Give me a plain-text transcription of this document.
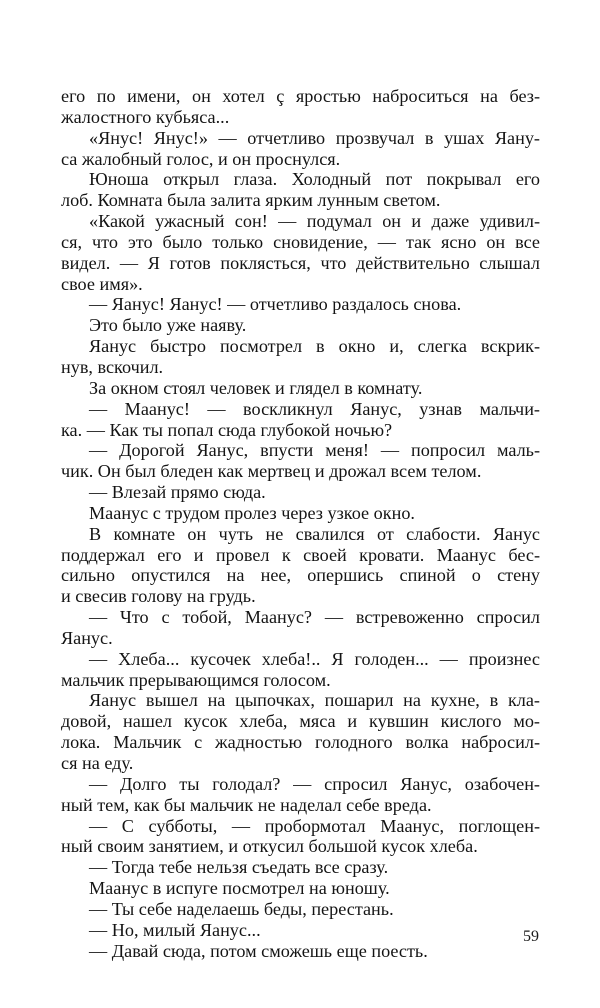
его по имени, он хотел ç яростью наброситься на без-
жалостного кубьяса...
«Янус! Янус!» — отчетливо прозвучал в ушах Яану-
са жалобный голос, и он проснулся.
Юноша открыл глаза. Холодный пот покрывал его
лоб. Комната была залита ярким лунным светом.
«Какой ужасный сон! — подумал он и даже удивил-
ся, что это было только сновидение, — так ясно он все
видел. — Я готов поклясться, что действительно слышал
свое имя».
— Яанус! Яанус! — отчетливо раздалось снова.
Это было уже наяву.
Яанус быстро посмотрел в окно и, слегка вскрик-
нув, вскочил.
За окном стоял человек и глядел в комнату.
— Маанус! — воскликнул Яанус, узнав мальчи-
ка. — Как ты попал сюда глубокой ночью?
— Дорогой Яанус, впусти меня! — попросил маль-
чик. Он был бледен как мертвец и дрожал всем телом.
— Влезай прямо сюда.
Маанус с трудом пролез через узкое окно.
В комнате он чуть не свалился от слабости. Яанус
поддержал его и провел к своей кровати. Маанус бес-
сильно опустился на нее, опершись спиной о стену
и свесив голову на грудь.
— Что с тобой, Маанус? — встревоженно спросил
Яанус.
— Хлеба... кусочек хлеба!.. Я голоден... — произнес
мальчик прерывающимся голосом.
Яанус вышел на цыпочках, пошарил на кухне, в кла-
довой, нашел кусок хлеба, мяса и кувшин кислого мо-
лока. Мальчик с жадностью голодного волка набросил-
ся на еду.
— Долго ты голодал? — спросил Яанус, озабочен-
ный тем, как бы мальчик не наделал себе вреда.
— С субботы, — пробормотал Маанус, поглощен-
ный своим занятием, и откусил большой кусок хлеба.
— Тогда тебе нельзя съедать все сразу.
Маанус в испуге посмотрел на юношу.
— Ты себе наделаешь беды, перестань.
— Но, милый Яанус...
— Давай сюда, потом сможешь еще поесть.
59
